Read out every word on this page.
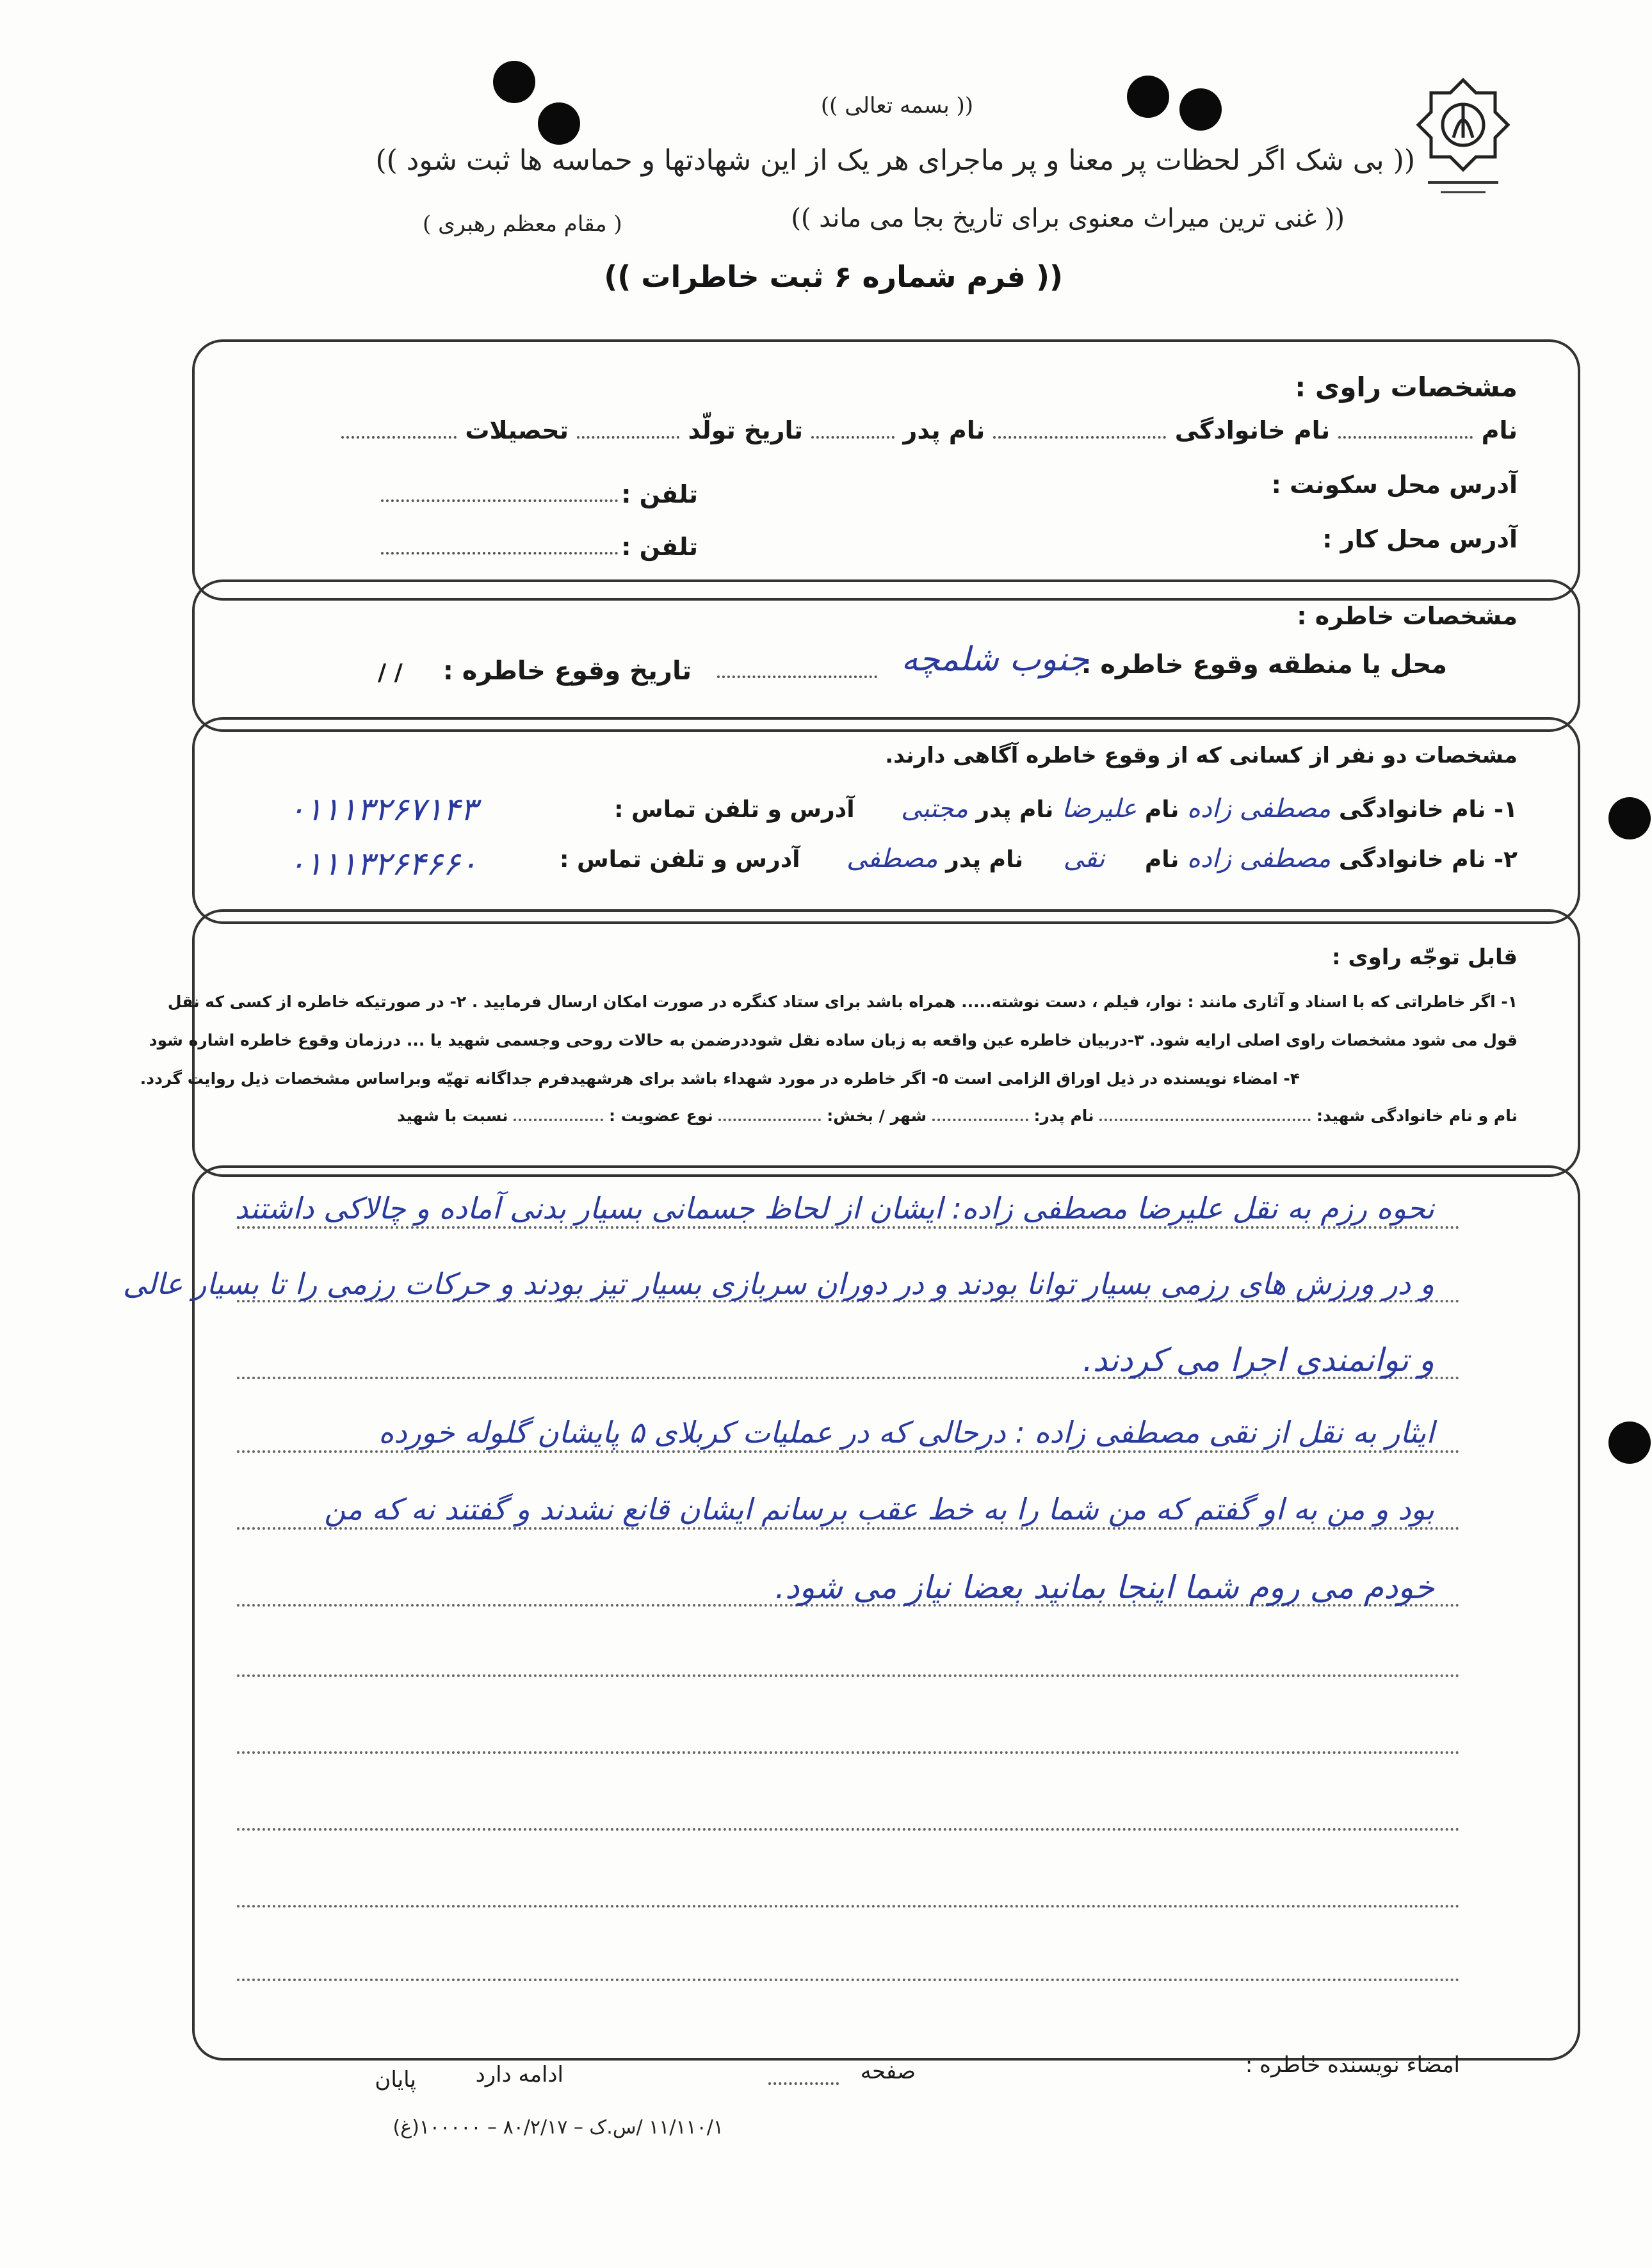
(( بسمه تعالی ))
(( بی شک اگر لحظات پر معنا و پر ماجرای هر یک از این شهادتها و حماسه ها ثبت شود ))
(( غنی ترین میراث معنوی برای تاریخ بجا می ماند ))
( مقام معظم رهبری )
(( فرم شماره ۶ ثبت خاطرات ))
مشخصات راوی :
نام  نام خانوادگی  نام پدر  تاریخ تولّد  تحصیلات
آدرس محل سکونت :
تلفن :
آدرس محل کار :
تلفن :
مشخصات خاطره :
محل یا منطقه وقوع خاطره :
جنوب شلمچه
تاریخ وقوع خاطره :
/ /
مشخصات دو نفر از کسانی که از وقوع خاطره آگاهی دارند.
۱- نام خانوادگی مصطفی زاده نام علیرضا نام پدر مجتبی آدرس و تلفن تماس :
۰۱۱۱۳۲۶۷۱۴۳
۲- نام خانوادگی مصطفی زاده نام نقی نام پدر مصطفی آدرس و تلفن تماس :
۰۱۱۱۳۲۶۴۶۶۰
قابل توجّه راوی :
۱- اگر خاطراتی که با اسناد و آثاری مانند : نوار، فیلم ، دست نوشته..... همراه باشد برای ستاد کنگره در صورت امکان ارسال فرمایید . ۲- در صورتیکه خاطره از کسی که نقل
قول می شود مشخصات راوی اصلی ارایه شود. ۳-دربیان خاطره عین واقعه به زبان ساده نقل شوددرضمن به حالات روحی وجسمی شهید یا ... درزمان وقوع خاطره اشاره شود
۴- امضاء نویسنده در ذیل اوراق الزامی است ۵- اگر خاطره در مورد شهداء باشد برای هرشهیدفرم جداگانه تهیّه وبراساس مشخصات ذیل روایت گردد.
نام و نام خانوادگی شهید:  نام پدر:  شهر / بخش:  نوع عضویت :  نسبت با شهید
نحوه رزم به نقل علیرضا مصطفی زاده: ایشان از لحاظ جسمانی بسیار بدنی آماده و چالاکی داشتند
و در ورزش های رزمی بسیار توانا بودند و در دوران سربازی بسیار تیز بودند و حرکات رزمی را تا بسیار عالی
و توانمندی اجرا می کردند.
ایثار به نقل از نقی مصطفی زاده : درحالی که در عملیات کربلای ۵ پایشان گلوله خورده
بود و من به او گفتم که من شما را به خط عقب برسانم ایشان قانع نشدند و گفتند نه که من
خودم می روم شما اینجا بمانید بعضا نیاز می شود.
امضاء نویسنده خاطره :
صفحه
ادامه دارد
پایان
۱۱/۱۱۰/۱ /س.ک – ۸۰/۲/۱۷ – ۱۰۰۰۰۰(غ)
